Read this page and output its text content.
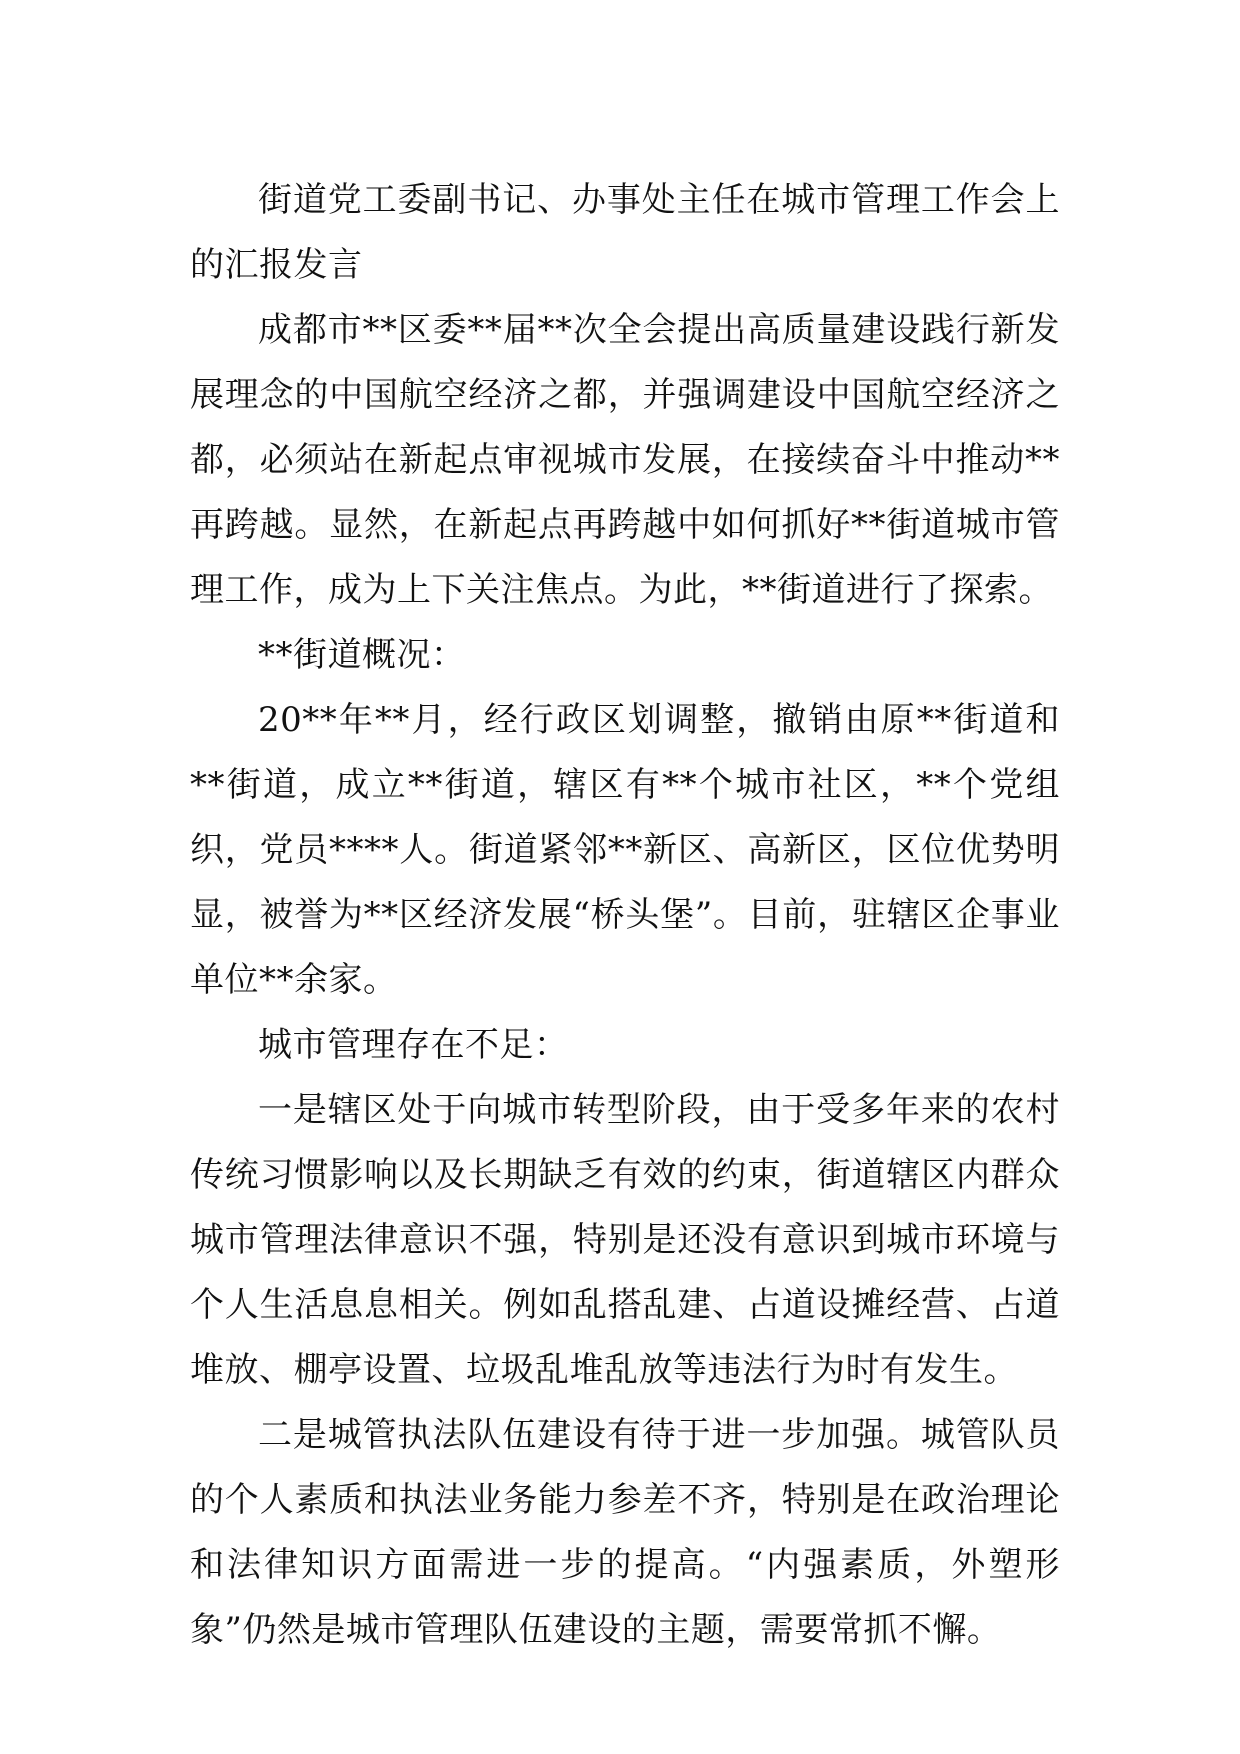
街道党工委副书记、办事处主任在城市管理工作会上的汇报发言

成都市**区委**届**次全会提出高质量建设践行新发展理念的中国航空经济之都，并强调建设中国航空经济之都，必须站在新起点审视城市发展，在接续奋斗中推动**再跨越。显然，在新起点再跨越中如何抓好**街道城市管理工作，成为上下关注焦点。为此，**街道进行了探索。

**街道概况：

20**年**月，经行政区划调整，撤销由原**街道和**街道，成立**街道，辖区有**个城市社区，**个党组织，党员****人。街道紧邻**新区、高新区，区位优势明显，被誉为**区经济发展“桥头堡”。目前，驻辖区企事业单位**余家。

城市管理存在不足：

一是辖区处于向城市转型阶段，由于受多年来的农村传统习惯影响以及长期缺乏有效的约束，街道辖区内群众城市管理法律意识不强，特别是还没有意识到城市环境与个人生活息息相关。例如乱搭乱建、占道设摊经营、占道堆放、棚亭设置、垃圾乱堆乱放等违法行为时有发生。

二是城管执法队伍建设有待于进一步加强。城管队员的个人素质和执法业务能力参差不齐，特别是在政治理论和法律知识方面需进一步的提高。“内强素质，外塑形象”仍然是城市管理队伍建设的主题，需要常抓不懈。
